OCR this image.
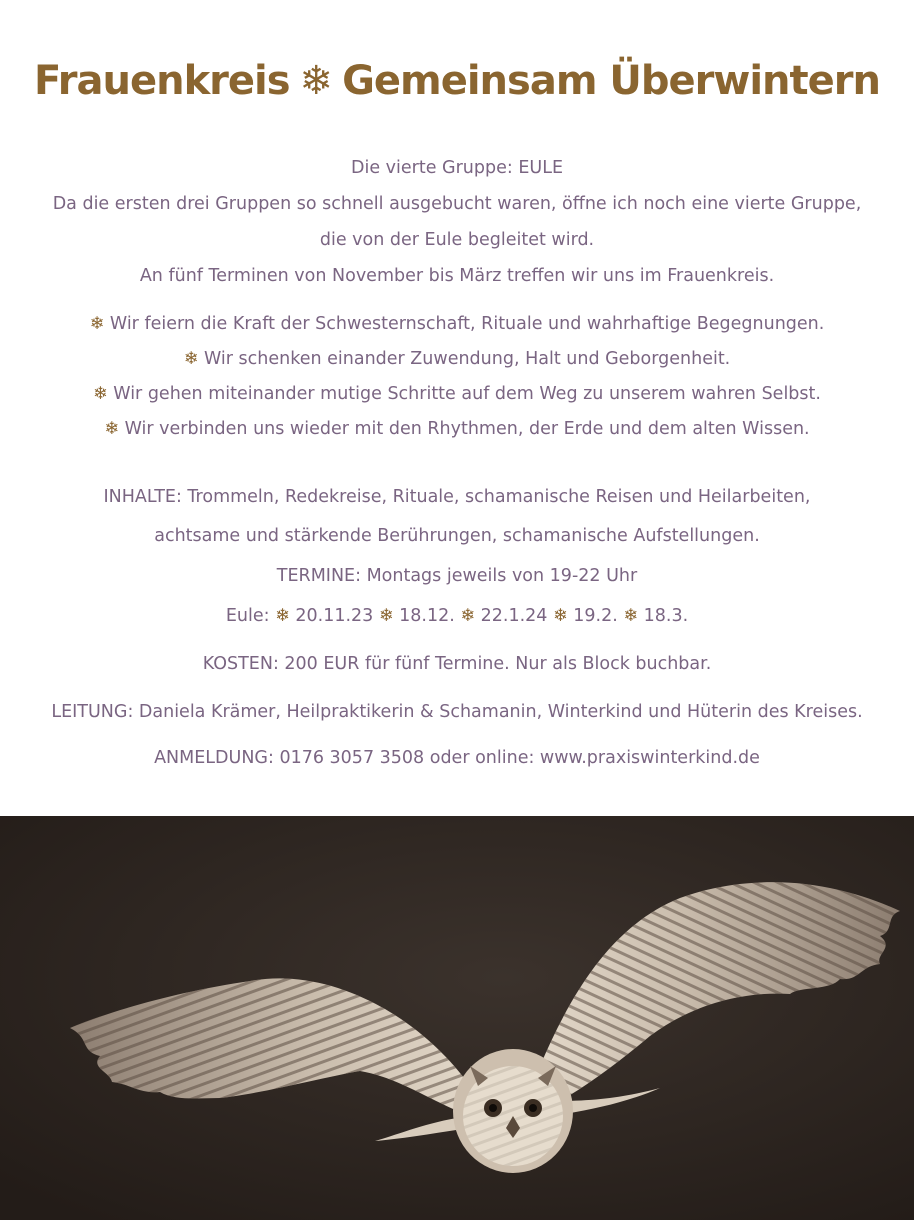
Frauenkreis ❄ Gemeinsam Überwintern
Die vierte Gruppe: EULE
Da die ersten drei Gruppen so schnell ausgebucht waren, öffne ich noch eine vierte Gruppe,
die von der Eule begleitet wird.
An fünf Terminen von November bis März treffen wir uns im Frauenkreis.
❄ Wir feiern die Kraft der Schwesternschaft, Rituale und wahrhaftige Begegnungen.
❄ Wir schenken einander Zuwendung, Halt und Geborgenheit.
❄ Wir gehen miteinander mutige Schritte auf dem Weg zu unserem wahren Selbst.
❄ Wir verbinden uns wieder mit den Rhythmen, der Erde und dem alten Wissen.
INHALTE: Trommeln, Redekreise, Rituale, schamanische Reisen und Heilarbeiten,
achtsame und stärkende Berührungen, schamanische Aufstellungen.
TERMINE: Montags jeweils von 19-22 Uhr
Eule: ❄ 20.11.23 ❄ 18.12. ❄ 22.1.24 ❄ 19.2. ❄ 18.3.
KOSTEN: 200 EUR für fünf Termine. Nur als Block buchbar.
LEITUNG: Daniela Krämer, Heilpraktikerin & Schamanin, Winterkind und Hüterin des Kreises.
ANMELDUNG: 0176 3057 3508 oder online: www.praxiswinterkind.de
